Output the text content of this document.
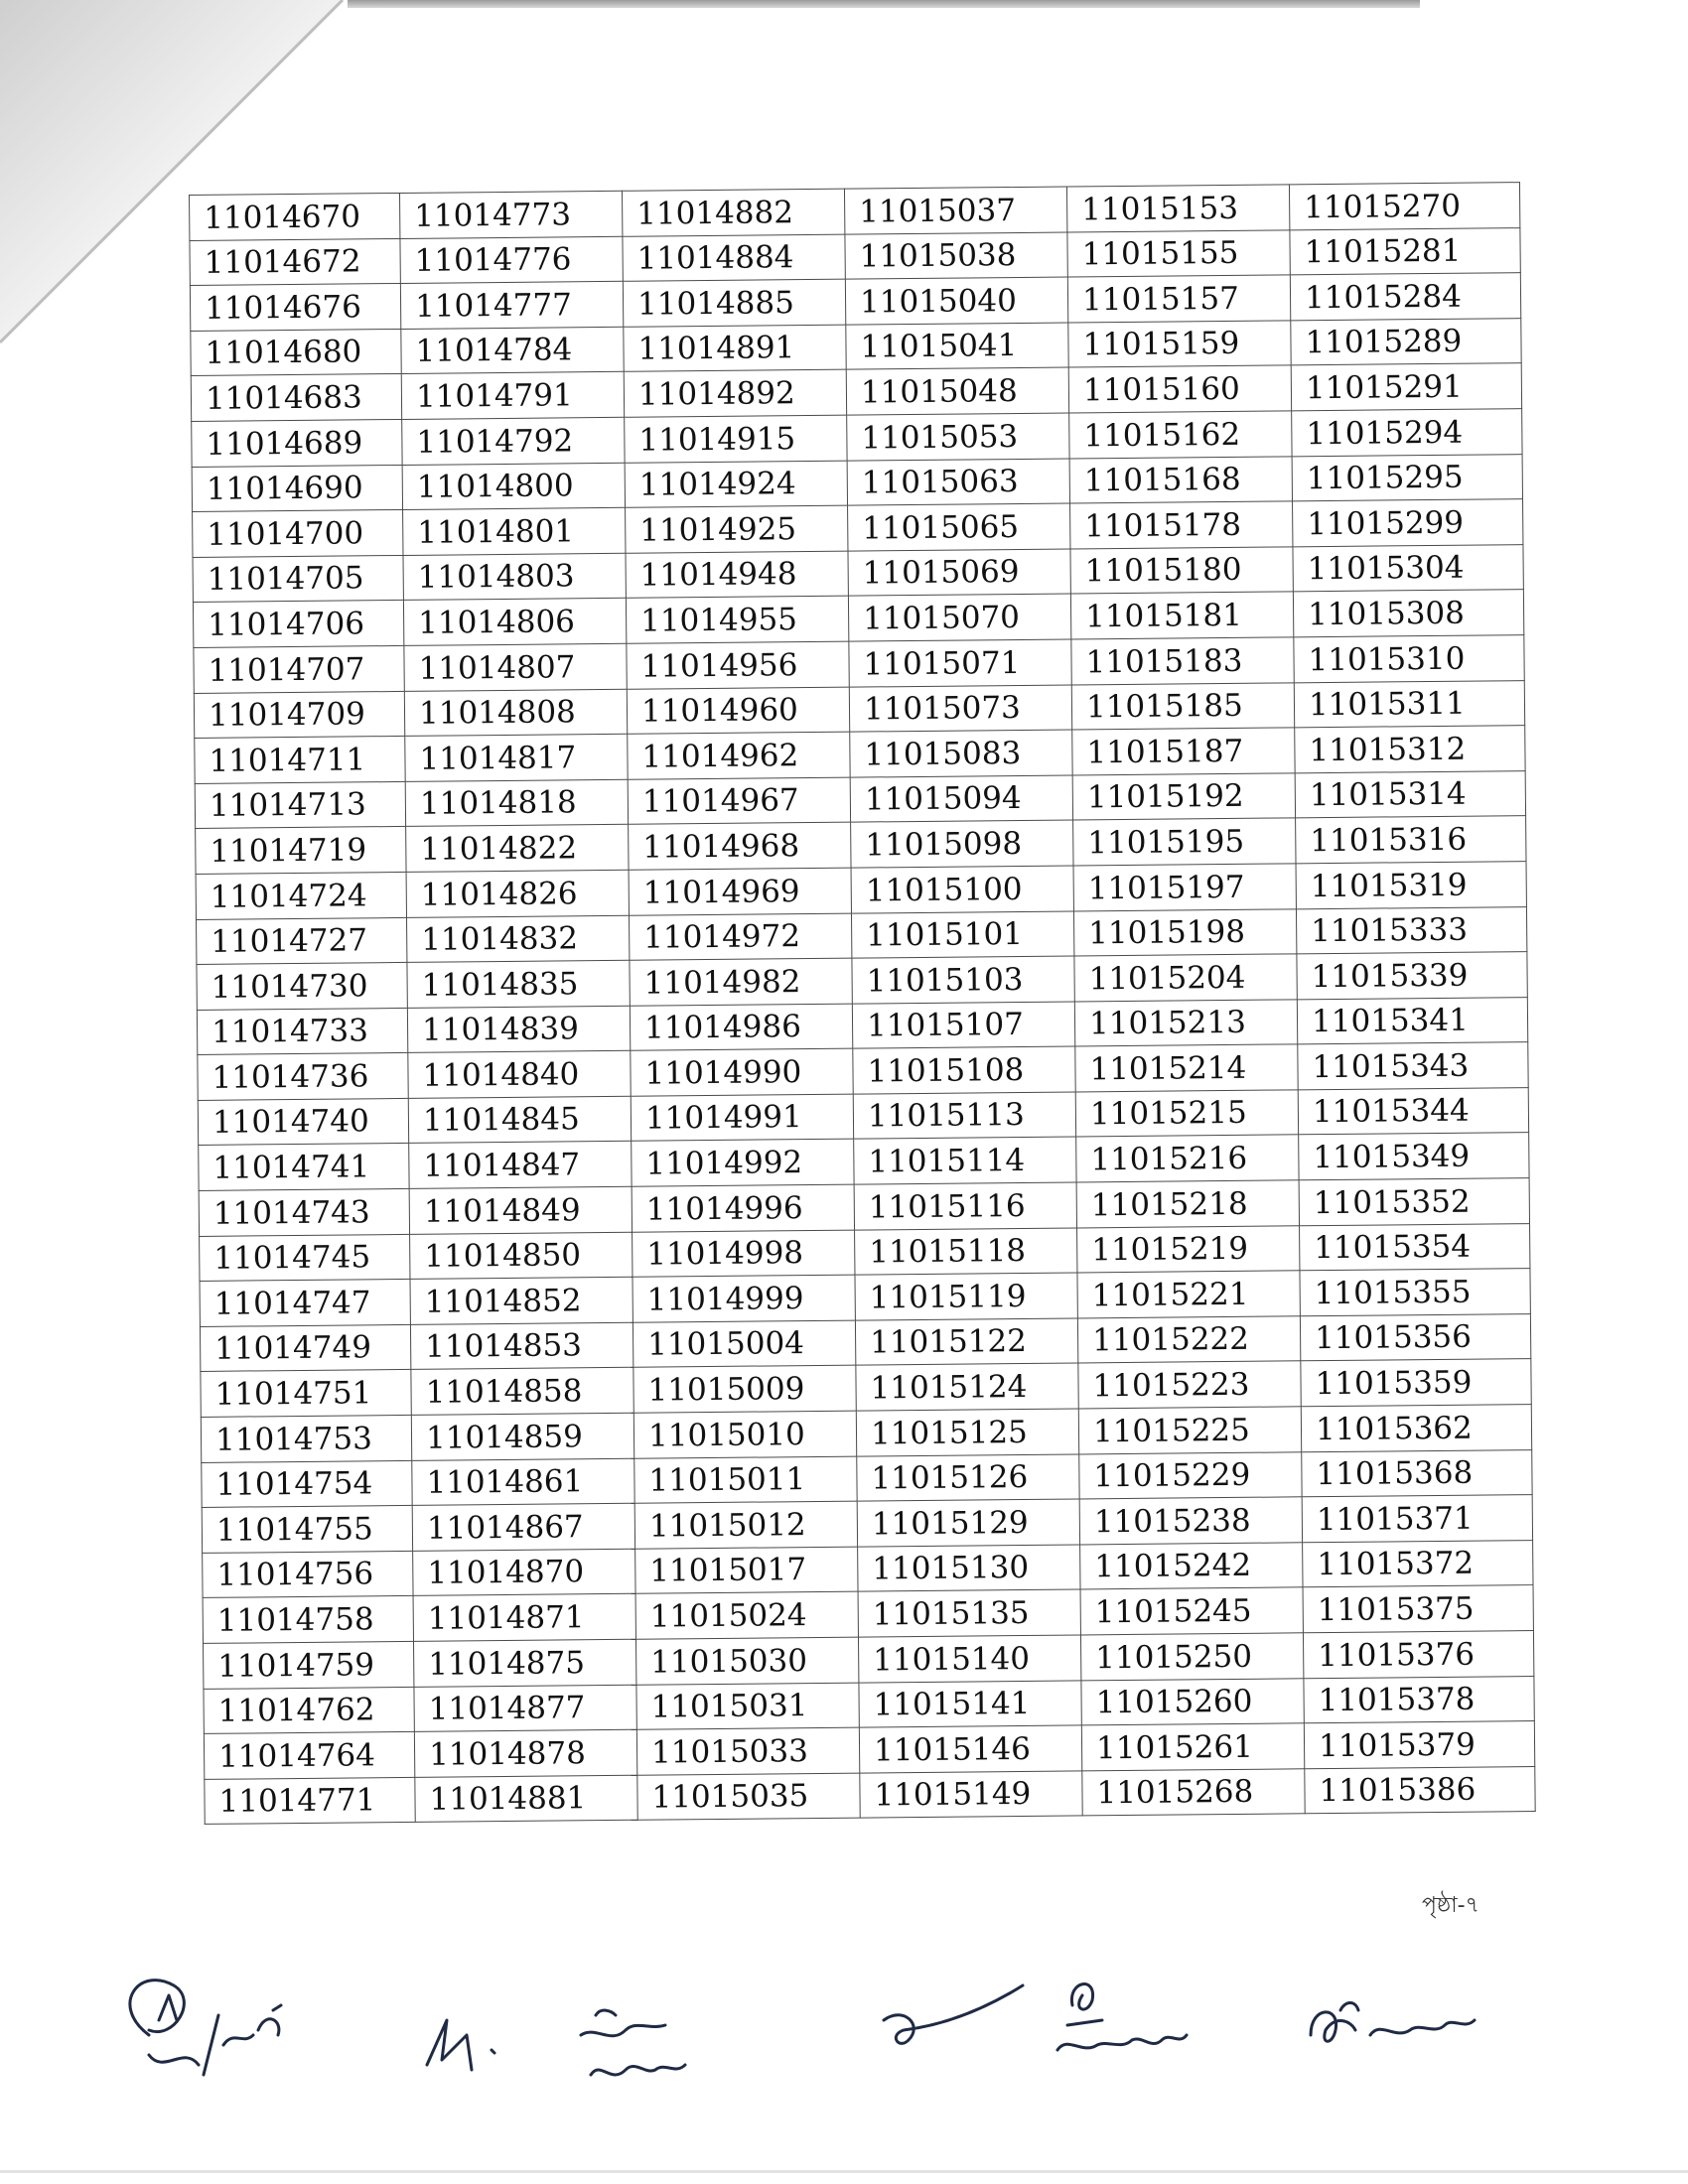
11014670	11014773	11014882	11015037	11015153	11015270
11014672	11014776	11014884	11015038	11015155	11015281
11014676	11014777	11014885	11015040	11015157	11015284
11014680	11014784	11014891	11015041	11015159	11015289
11014683	11014791	11014892	11015048	11015160	11015291
11014689	11014792	11014915	11015053	11015162	11015294
11014690	11014800	11014924	11015063	11015168	11015295
11014700	11014801	11014925	11015065	11015178	11015299
11014705	11014803	11014948	11015069	11015180	11015304
11014706	11014806	11014955	11015070	11015181	11015308
11014707	11014807	11014956	11015071	11015183	11015310
11014709	11014808	11014960	11015073	11015185	11015311
11014711	11014817	11014962	11015083	11015187	11015312
11014713	11014818	11014967	11015094	11015192	11015314
11014719	11014822	11014968	11015098	11015195	11015316
11014724	11014826	11014969	11015100	11015197	11015319
11014727	11014832	11014972	11015101	11015198	11015333
11014730	11014835	11014982	11015103	11015204	11015339
11014733	11014839	11014986	11015107	11015213	11015341
11014736	11014840	11014990	11015108	11015214	11015343
11014740	11014845	11014991	11015113	11015215	11015344
11014741	11014847	11014992	11015114	11015216	11015349
11014743	11014849	11014996	11015116	11015218	11015352
11014745	11014850	11014998	11015118	11015219	11015354
11014747	11014852	11014999	11015119	11015221	11015355
11014749	11014853	11015004	11015122	11015222	11015356
11014751	11014858	11015009	11015124	11015223	11015359
11014753	11014859	11015010	11015125	11015225	11015362
11014754	11014861	11015011	11015126	11015229	11015368
11014755	11014867	11015012	11015129	11015238	11015371
11014756	11014870	11015017	11015130	11015242	11015372
11014758	11014871	11015024	11015135	11015245	11015375
11014759	11014875	11015030	11015140	11015250	11015376
11014762	11014877	11015031	11015141	11015260	11015378
11014764	11014878	11015033	11015146	11015261	11015379
11014771	11014881	11015035	11015149	11015268	11015386
পৃষ্ঠা-৭
